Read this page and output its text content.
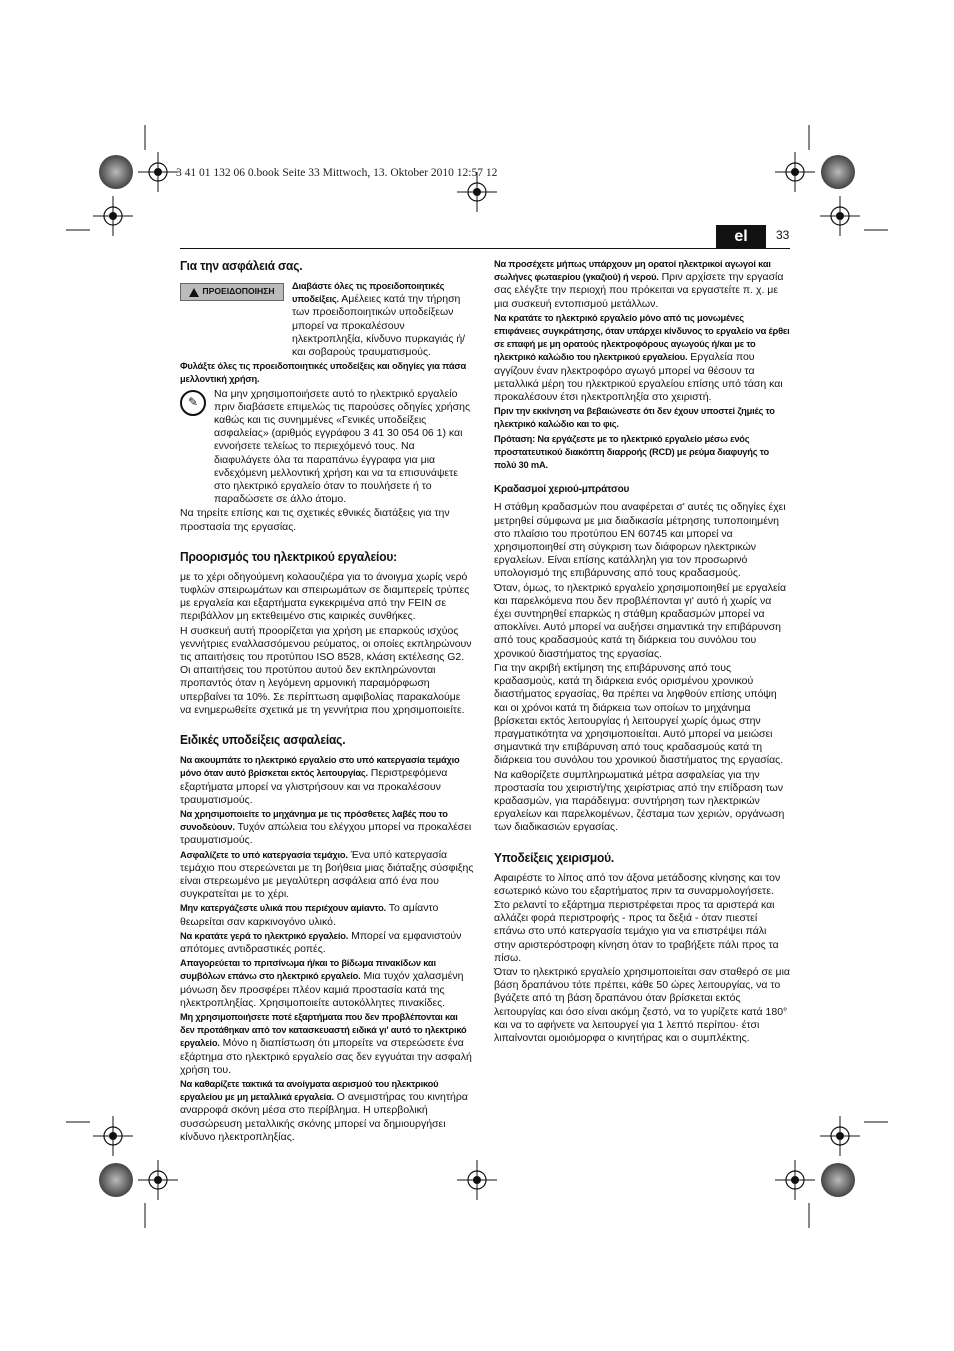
3 41 01 132 06 0.book Seite 33 Mittwoch, 13. Oktober 2010 12:57 12
el	33
Για την ασφάλειά σας.
ΠΡΟΕΙΔΟΠΟΙΗΣΗ

Διαβάστε όλες τις προειδοποιητικές υποδείξεις. Αμέλειες κατά την τήρηση των προειδοποιητικών υποδείξεων μπορεί να προκαλέσουν ηλεκτροπληξία, κίνδυνο πυρκαγιάς ή/και σοβαρούς τραυματισμούς.

Φυλάξτε όλες τις προειδοποιητικές υποδείξεις και οδηγίες για πάσα μελλοντική χρήση.

✎

Να μην χρησιμοποιήσετε αυτό το ηλεκτρικό εργαλείο πριν διαβάσετε επιμελώς τις παρούσες οδηγίες χρήσης καθώς και τις συνημμένες «Γενικές υποδείξεις ασφαλείας» (αριθμός εγγράφου 3 41 30 054 06 1) και εννοήσετε τελείως το περιεχόμενό τους. Να διαφυλάγετε όλα τα παραπάνω έγγραφα για μια ενδεχόμενη μελλοντική χρήση και να τα επισυνάψετε στο ηλεκτρικό εργαλείο όταν το πουλήσετε ή το παραδώσετε σε άλλο άτομο.

Να τηρείτε επίσης και τις σχετικές εθνικές διατάξεις για την προστασία της εργασίας.

Προορισμός του ηλεκτρικού εργαλείου:

με το χέρι οδηγούμενη κολαουζιέρα για το άνοιγμα χωρίς νερό τυφλών σπειρωμάτων και σπειρωμάτων σε διαμπερείς τρύπες με εργαλεία και εξαρτήματα εγκεκριμένα από την FEIN σε περιβάλλον μη εκτεθειμένο στις καιρικές συνθήκες.

Η συσκευή αυτή προορίζεται για χρήση με επαρκούς ισχύος γεννήτριες εναλλασσόμενου ρεύματος, οι οποίες εκπληρώνουν τις απαιτήσεις του προτύπου ISO 8528, κλάση εκτέλεσης G2. Οι απαιτήσεις του προτύπου αυτού δεν εκπληρώνονται προπαντός όταν η λεγόμενη αρμονική παραμόρφωση υπερβαίνει τα 10%. Σε περίπτωση αμφιβολίας παρακαλούμε να ενημερωθείτε σχετικά με τη γεννήτρια που χρησιμοποιείτε.

Ειδικές υποδείξεις ασφαλείας.

Να ακουμπάτε το ηλεκτρικό εργαλείο στο υπό κατεργασία τεμάχιο μόνο όταν αυτό βρίσκεται εκτός λειτουργίας. Περιστρεφόμενα εξαρτήματα μπορεί να γλιστρήσουν και να προκαλέσουν τραυματισμούς.

Να χρησιμοποιείτε το μηχάνημα με τις πρόσθετες λαβές που το συνοδεύουν. Τυχόν απώλεια του ελέγχου μπορεί να προκαλέσει τραυματισμούς.

Ασφαλίζετε το υπό κατεργασία τεμάχιο. Ένα υπό κατεργασία τεμάχιο που στερεώνεται με τη βοήθεια μιας διάταξης σύσφιξης είναι στερεωμένο με μεγαλύτερη ασφάλεια από ένα που συγκρατείται με το χέρι.

Μην κατεργάζεστε υλικά που περιέχουν αμίαντο. Το αμίαντο θεωρείται σαν καρκινογόνο υλικό.

Να κρατάτε γερά το ηλεκτρικό εργαλείο. Μπορεί να εμφανιστούν απότομες αντιδραστικές ροπές.

Απαγορεύεται το πριτσίνωμα ή/και το βίδωμα πινακίδων και συμβόλων επάνω στο ηλεκτρικό εργαλείο. Μια τυχόν χαλασμένη μόνωση δεν προσφέρει πλέον καμιά προστασία κατά της ηλεκτροπληξίας. Χρησιμοποιείτε αυτοκόλλητες πινακίδες.

Μη χρησιμοποιήσετε ποτέ εξαρτήματα που δεν προβλέπονται και δεν προτάθηκαν από τον κατασκευαστή ειδικά γι' αυτό το ηλεκτρικό εργαλείο. Μόνο η διαπίστωση ότι μπορείτε να στερεώσετε ένα εξάρτημα στο ηλεκτρικό εργαλείο σας δεν εγγυάται την ασφαλή χρήση του.

Να καθαρίζετε τακτικά τα ανοίγματα αερισμού του ηλεκτρικού εργαλείου με μη μεταλλικά εργαλεία. Ο ανεμιστήρας του κινητήρα αναρροφά σκόνη μέσα στο περίβλημα. Η υπερβολική συσσώρευση μεταλλικής σκόνης μπορεί να δημιουργήσει κίνδυνο ηλεκτροπληξίας.

Να προσέχετε μήπως υπάρχουν μη ορατοί ηλεκτρικοί αγωγοί και σωλήνες φωταερίου (γκαζιού) ή νερού. Πριν αρχίσετε την εργασία σας ελέγξτε την περιοχή που πρόκειται να εργαστείτε π. χ. με μια συσκευή εντοπισμού μετάλλων.

Να κρατάτε το ηλεκτρικό εργαλείο μόνο από τις μονωμένες επιφάνειες συγκράτησης, όταν υπάρχει κίνδυνος το εργαλείο να έρθει σε επαφή με μη ορατούς ηλεκτροφόρους αγωγούς ή/και με το ηλεκτρικό καλώδιο του ηλεκτρικού εργαλείου. Εργαλεία που αγγίζουν έναν ηλεκτροφόρο αγωγό μπορεί να θέσουν τα μεταλλικά μέρη του ηλεκτρικού εργαλείου επίσης υπό τάση και προκαλέσουν έτσι ηλεκτροπληξία στο χειριστή.

Πριν την εκκίνηση να βεβαιώνεστε ότι δεν έχουν υποστεί ζημιές το ηλεκτρικό καλώδιο και το φις.

Πρόταση: Να εργάζεστε με το ηλεκτρικό εργαλείο μέσω ενός προστατευτικού διακόπτη διαρροής (RCD) με ρεύμα διαφυγής το πολύ 30 mA.

Κραδασμοί χεριού-μπράτσου

Η στάθμη κραδασμών που αναφέρεται σ' αυτές τις οδηγίες έχει μετρηθεί σύμφωνα με μια διαδικασία μέτρησης τυποποιημένη στο πλαίσιο του προτύπου EN 60745 και μπορεί να χρησιμοποιηθεί στη σύγκριση των διάφορων ηλεκτρικών εργαλείων. Είναι επίσης κατάλληλη για τον προσωρινό υπολογισμό της επιβάρυνσης από τους κραδασμούς.

Όταν, όμως, το ηλεκτρικό εργαλείο χρησιμοποιηθεί με εργαλεία και παρελκόμενα που δεν προβλέπονται γι' αυτό ή χωρίς να έχει συντηρηθεί επαρκώς η στάθμη κραδασμών μπορεί να αποκλίνει. Αυτό μπορεί να αυξήσει σημαντικά την επιβάρυνση από τους κραδασμούς κατά τη διάρκεια του συνόλου του χρονικού διαστήματος της εργασίας.

Για την ακριβή εκτίμηση της επιβάρυνσης από τους κραδασμούς, κατά τη διάρκεια ενός ορισμένου χρονικού διαστήματος εργασίας, θα πρέπει να ληφθούν επίσης υπόψη και οι χρόνοι κατά τη διάρκεια των οποίων το μηχάνημα βρίσκεται εκτός λειτουργίας ή λειτουργεί χωρίς όμως στην πραγματικότητα να χρησιμοποιείται. Αυτό μπορεί να μειώσει σημαντικά την επιβάρυνση από τους κραδασμούς κατά τη διάρκεια του συνόλου του χρονικού διαστήματος της εργασίας.

Να καθορίζετε συμπληρωματικά μέτρα ασφαλείας για την προστασία του χειριστή/της χειρίστριας από την επίδραση των κραδασμών, για παράδειγμα: συντήρηση των ηλεκτρικών εργαλείων και παρελκομένων, ζέσταμα των χεριών, οργάνωση των διαδικασιών εργασίας.

Υποδείξεις χειρισμού.

Αφαιρέστε το λίπος από τον άξονα μετάδοσης κίνησης και τον εσωτερικό κώνο του εξαρτήματος πριν τα συναρμολογήσετε.

Στο ρελαντί το εξάρτημα περιστρέφεται προς τα αριστερά και αλλάζει φορά περιστροφής - προς τα δεξιά - όταν πιεστεί επάνω στο υπό κατεργασία τεμάχιο για να επιστρέψει πάλι στην αριστερόστροφη κίνηση όταν το τραβήξετε πάλι προς τα πίσω.

Όταν το ηλεκτρικό εργαλείο χρησιμοποιείται σαν σταθερό σε μια βάση δραπάνου τότε πρέπει, κάθε 50 ώρες λειτουργίας, να το βγάζετε από τη βάση δραπάνου όταν βρίσκεται εκτός λειτουργίας και όσο είναι ακόμη ζεστό, να το γυρίζετε κατά 180° και να το αφήνετε να λειτουργεί για 1 λεπτό περίπου· έτσι λιπαίνονται ομοιόμορφα ο κινητήρας και ο συμπλέκτης.
